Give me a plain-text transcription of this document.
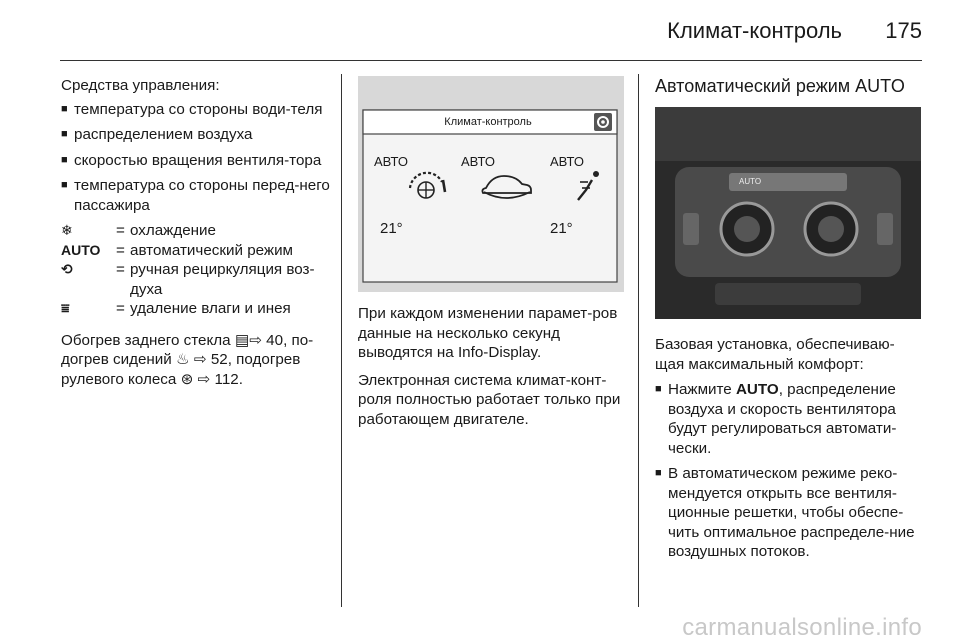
Климат-контроль 175
Средства управления:
■ температура со стороны води-теля
■ распределением воздуха
■ скоростью вращения вентиля-тора
■ температура со стороны перед-него пассажира
❄	= охлаждение
AUTO	= автоматический режим
⟲	= ручная рециркуляция воз-духа
⩸	= удаление влаги и инея
Обогрев заднего стекла ▤⇨ 40, по-
догрев сидений ♨ ⇨ 52, подогрев
рулевого колеса ⊛ ⇨ 112.
Климат-контроль
АВТО	АВТО	АВТО
21°	21°
При каждом изменении парамет-ров данные на несколько секунд выводятся на Info-Display.
Электронная система климат-конт-роля полностью работает только при работающем двигателе.
Автоматический режим AUTO
AUTO
Базовая установка, обеспечиваю-щая максимальный комфорт:
■ Нажмите AUTO, распределение воздуха и скорость вентилятора будут регулироваться автомати-чески.
■ В автоматическом режиме реко-мендуется открыть все вентиля-ционные решетки, чтобы обеспе-чить оптимальное распределе-ние воздушных потоков.
carmanualsonline.info
